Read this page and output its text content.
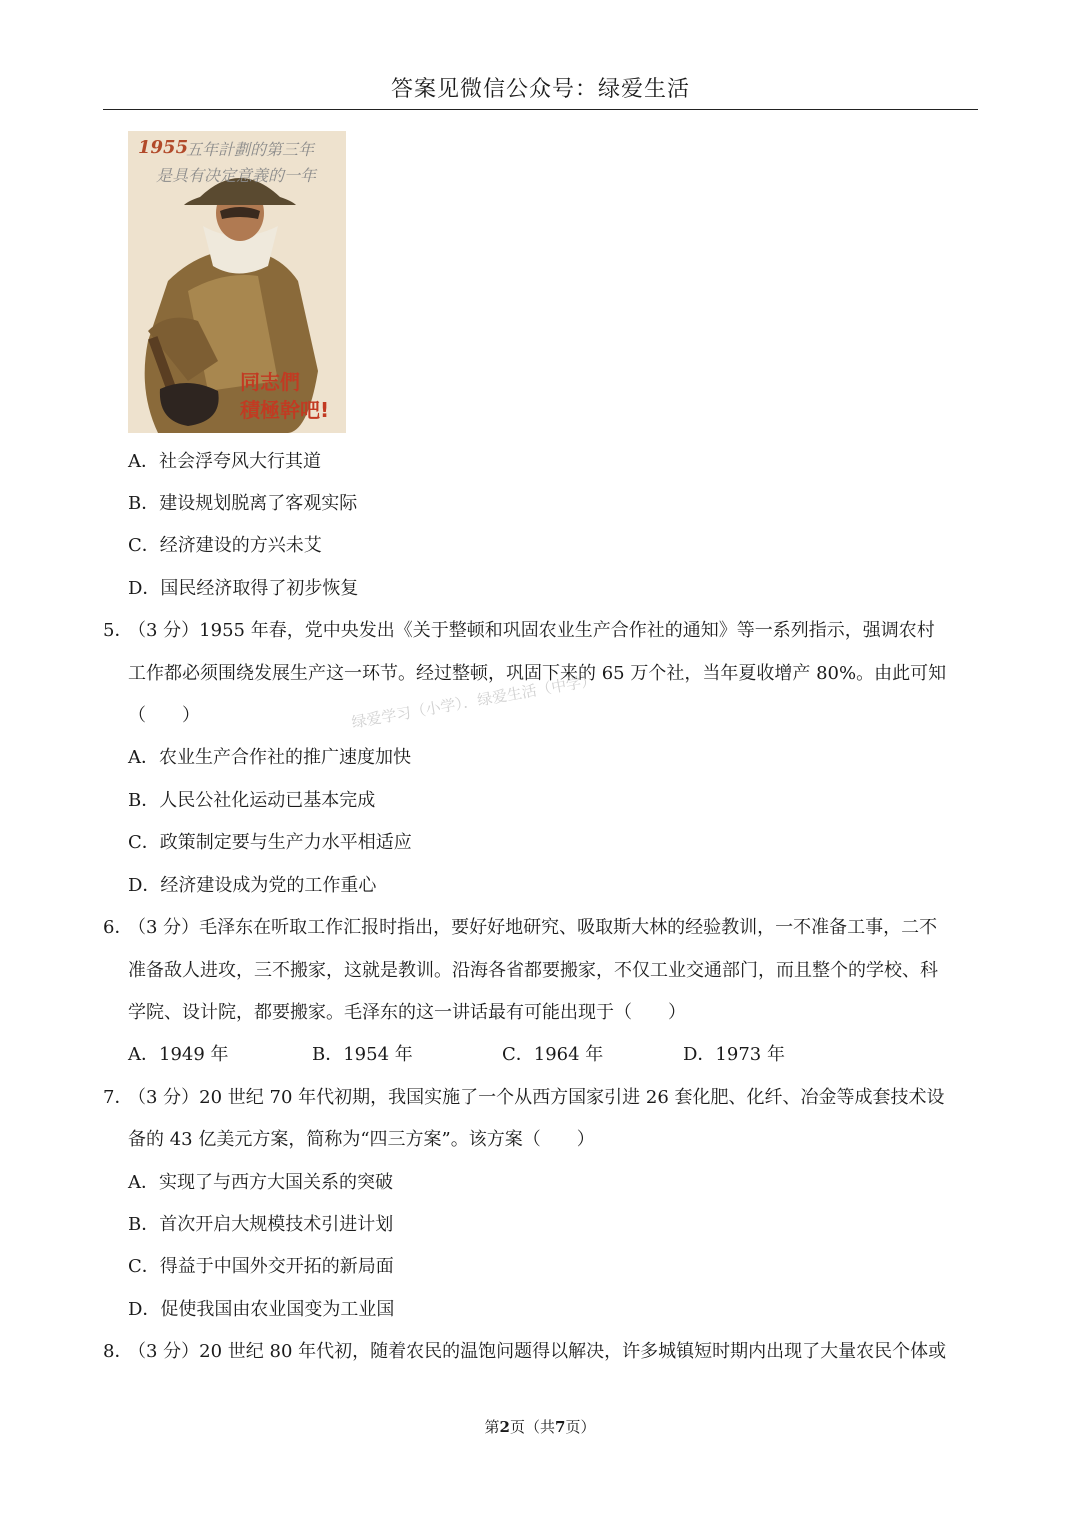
答案见微信公众号：绿爱生活
1955
五年計劃的第三年
是具有决定意義的一年
同志們
積極幹吧!
A．社会浮夸风大行其道
B．建设规划脱离了客观实际
C．经济建设的方兴未艾
D．国民经济取得了初步恢复
5．
（3 分）1955 年春，党中央发出《关于整顿和巩固农业生产合作社的通知》等一系列指示，强调农村
工作都必须围绕发展生产这一环节。经过整顿，巩固下来的 65 万个社，当年夏收增产 80%。由此可知
（　　）	绿爱学习（小学）．绿爱生活（中学）
A．农业生产合作社的推广速度加快
B．人民公社化运动已基本完成
C．政策制定要与生产力水平相适应
D．经济建设成为党的工作重心
6．
（3 分）毛泽东在听取工作汇报时指出，要好好地研究、吸取斯大林的经验教训，一不准备工事，二不
准备敌人进攻，三不搬家，这就是教训。沿海各省都要搬家，不仅工业交通部门，而且整个的学校、科
学院、设计院，都要搬家。毛泽东的这一讲话最有可能出现于（　　）
A．1949 年	B．1954 年	C．1964 年	D．1973 年
7．
（3 分）20 世纪 70 年代初期，我国实施了一个从西方国家引进 26 套化肥、化纤、冶金等成套技术设
备的 43 亿美元方案，简称为“四三方案”。该方案（　　）
A．实现了与西方大国关系的突破
B．首次开启大规模技术引进计划
C．得益于中国外交开拓的新局面
D．促使我国由农业国变为工业国
8．
（3 分）20 世纪 80 年代初，随着农民的温饱问题得以解决，许多城镇短时期内出现了大量农民个体或
第2页（共7页）
